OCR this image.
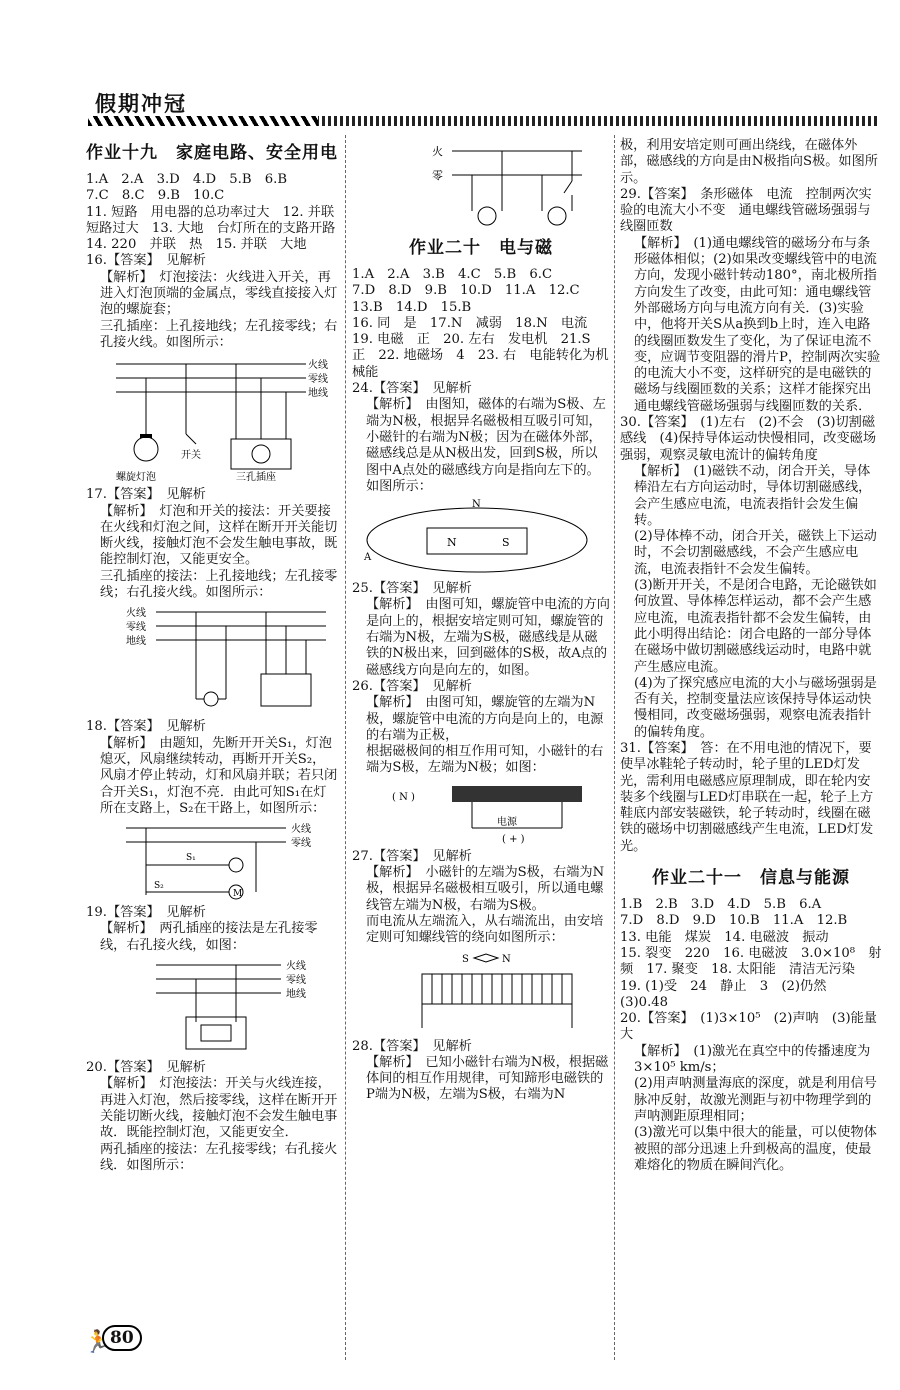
假期冲冠
作业十九　家庭电路、安全用电

1.A　2.A　3.D　4.D　5.B　6.B

7.C　8.C　9.B　10.C

11. 短路　用电器的总功率过大　12. 并联　短路过大　13. 大地　台灯所在的支路开路　14. 220　并联　热　15. 并联　大地

16.【答案】　见解析

【解析】　灯泡接法：火线进入开关，再进入灯泡顶端的金属点，零线直接接入灯泡的螺旋套；

三孔插座：上孔接地线；左孔接零线；右孔接火线。如图所示：

火线
零线
地线
螺旋灯泡
开关
三孔插座

17.【答案】　见解析

【解析】　灯泡和开关的接法：开关要接在火线和灯泡之间，这样在断开开关能切断火线，接触灯泡不会发生触电事故，既能控制灯泡，又能更安全。

三孔插座的接法：上孔接地线；左孔接零线；右孔接火线。如图所示：

火线
零线
地线

18.【答案】　见解析

【解析】　由题知，先断开开关S₁，灯泡熄灭，风扇继续转动，再断开开关S₂，风扇才停止转动，灯和风扇并联；若只闭合开关S₁，灯泡不亮．由此可知S₁在灯所在支路上，S₂在干路上，如图所示：

火线
零线
M
S₁
S₂

19.【答案】　见解析

【解析】　两孔插座的接法是左孔接零线，右孔接火线，如图：

火线
零线
地线

20.【答案】　见解析

【解析】　灯泡接法：开关与火线连接，再进入灯泡，然后接零线，这样在断开开关能切断火线，接触灯泡不会发生触电事故．既能控制灯泡，又能更安全．

两孔插座的接法：左孔接零线；右孔接火线．如图所示：

火
零
作业二十　电与磁

1.A　2.A　3.B　4.C　5.B　6.C

7.D　8.D　9.B　10.D　11.A　12.C

13.B　14.D　15.B

16. 同　是　17.N　减弱　18.N　电流　19. 电磁　正　20. 左右　发电机　21.S　正　22. 地磁场　4　23. 右　电能转化为机械能

24.【答案】　见解析

【解析】　由图知，磁体的右端为S极、左端为N极，根据异名磁极相互吸引可知，小磁针的右端为N极；因为在磁体外部，磁感线总是从N极出发，回到S极，所以图中A点处的磁感线方向是指向左下的。

如图所示：

N	S
N
A

25.【答案】　见解析

【解析】　由图可知，螺旋管中电流的方向是向上的，根据安培定则可知，螺旋管的右端为N极，左端为S极，磁感线是从磁铁的N极出来，回到磁体的S极，故A点的磁感线方向是向左的，如图。

26.【答案】　见解析

【解析】　由图可知，螺旋管的左端为N极，螺旋管中电流的方向是向上的，电源的右端为正极，

根据磁极间的相互作用可知，小磁针的右端为S极，左端为N极；如图：

( N )
电源
( + )

27.【答案】　见解析

【解析】　小磁针的左端为S极，右端为N极，根据异名磁极相互吸引，所以通电螺线管左端为N极，右端为S极。

而电流从左端流入，从右端流出，由安培定则可知螺线管的绕向如图所示：

S	N

28.【答案】　见解析

【解析】　已知小磁针右端为N极，根据磁体间的相互作用规律，可知蹄形电磁铁的P端为N极，左端为S极，右端为N

极，利用安培定则可画出绕线，在磁体外部，磁感线的方向是由N极指向S极。如图所示。

29.【答案】　条形磁体　电流　控制两次实验的电流大小不变　通电螺线管磁场强弱与线圈匝数

【解析】　(1)通电螺线管的磁场分布与条形磁体相似；(2)如果改变螺线管中的电流方向，发现小磁针转动180°，南北极所指方向发生了改变，由此可知：通电螺线管外部磁场方向与电流方向有关．(3)实验中，他将开关S从a换到b上时，连入电路的线圈匝数发生了变化，为了保证电流不变，应调节变阻器的滑片P，控制两次实验的电流大小不变，这样研究的是电磁铁的磁场与线圈匝数的关系；这样才能探究出通电螺线管磁场强弱与线圈匝数的关系．

30.【答案】　(1)左右　(2)不会　(3)切割磁感线　(4)保持导体运动快慢相同，改变磁场强弱，观察灵敏电流计的偏转角度

【解析】　(1)磁铁不动，闭合开关，导体棒沿左右方向运动时，导体切割磁感线，会产生感应电流，电流表指针会发生偏转。

(2)导体棒不动，闭合开关，磁铁上下运动时，不会切割磁感线，不会产生感应电流，电流表指针不会发生偏转。

(3)断开开关，不是闭合电路，无论磁铁如何放置、导体棒怎样运动，都不会产生感应电流，电流表指针都不会发生偏转，由此小明得出结论：闭合电路的一部分导体在磁场中做切割磁感线运动时，电路中就产生感应电流。

(4)为了探究感应电流的大小与磁场强弱是否有关，控制变量法应该保持导体运动快慢相同，改变磁场强弱，观察电流表指针的偏转角度。

31.【答案】　答：在不用电池的情况下，要使旱冰鞋轮子转动时，轮子里的LED灯发光，需利用电磁感应原理制成，即在轮内安装多个线圈与LED灯串联在一起，轮子上方鞋底内部安装磁铁，轮子转动时，线圈在磁铁的磁场中切割磁感线产生电流，LED灯发光。

作业二十一　信息与能源

1.B　2.B　3.D　4.D　5.B　6.A

7.D　8.D　9.D　10.B　11.A　12.B

13. 电能　煤炭　14. 电磁波　振动

15. 裂变　220　16. 电磁波　3.0×10⁸　射频　17. 聚变　18. 太阳能　清洁无污染

19. (1)受　24　静止　3　(2)仍然　(3)0.48

20.【答案】　(1)3×10⁵　(2)声呐　(3)能量大

【解析】　(1)激光在真空中的传播速度为3×10⁵ km/s；

(2)用声呐测量海底的深度，就是利用信号脉冲反射，故激光测距与初中物理学到的声呐测距原理相同；

(3)激光可以集中很大的能量，可以使物体被照的部分迅速上升到极高的温度，使最难熔化的物质在瞬间汽化。

🏃
80
